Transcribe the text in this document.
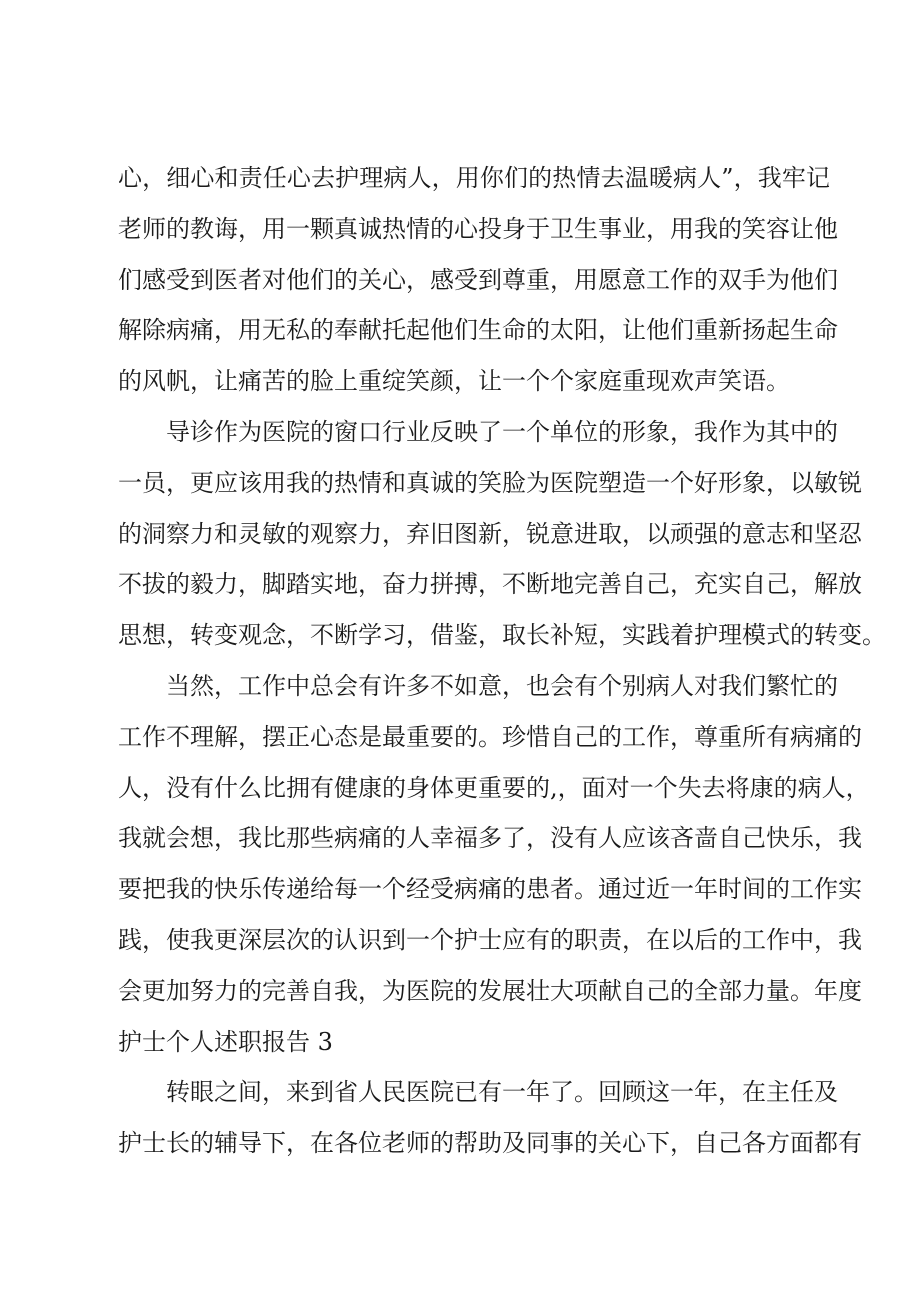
心，细心和责任心去护理病人，用你们的热情去温暖病人”，我牢记
老师的教诲，用一颗真诚热情的心投身于卫生事业，用我的笑容让他
们感受到医者对他们的关心，感受到尊重，用愿意工作的双手为他们
解除病痛，用无私的奉献托起他们生命的太阳，让他们重新扬起生命
的风帆，让痛苦的脸上重绽笑颜，让一个个家庭重现欢声笑语。

导诊作为医院的窗口行业反映了一个单位的形象，我作为其中的
一员，更应该用我的热情和真诚的笑脸为医院塑造一个好形象，以敏锐
的洞察力和灵敏的观察力，弃旧图新，锐意进取，以顽强的意志和坚忍
不拔的毅力，脚踏实地，奋力拼搏，不断地完善自己，充实自己，解放
思想，转变观念，不断学习，借鉴，取长补短，实践着护理模式的转变。

当然，工作中总会有许多不如意，也会有个别病人对我们繁忙的
工作不理解，摆正心态是最重要的。珍惜自己的工作，尊重所有病痛的
人，没有什么比拥有健康的身体更重要的,，面对一个失去将康的病人，
我就会想，我比那些病痛的人幸福多了，没有人应该吝啬自己快乐，我
要把我的快乐传递给每一个经受病痛的患者。通过近一年时间的工作实
践，使我更深层次的认识到一个护士应有的职责，在以后的工作中，我
会更加努力的完善自我，为医院的发展壮大项献自己的全部力量。年度
护士个人述职报告 3

转眼之间，来到省人民医院已有一年了。回顾这一年，在主任及
护士长的辅导下，在各位老师的帮助及同事的关心下，自己各方面都有
